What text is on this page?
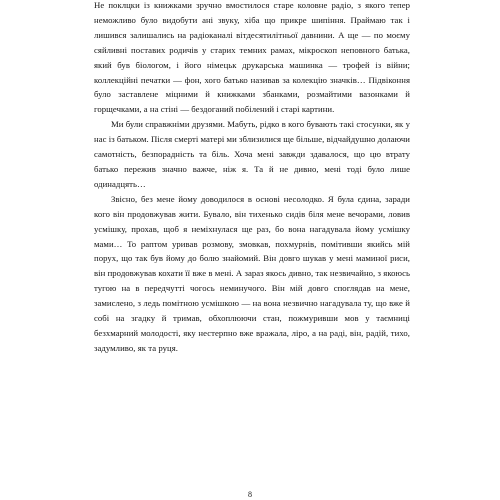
Не поклцки із книжками зручно вмостилося старе коловне радіо, з якого тепер неможливо було видобути ані звуку, хіба що прикре шипіння. Праймаю так і лишився залишались на радіоканалі вітдесятилітньої давнини. А ще — по моєму сяйливні поставих родичів у старих темних рамах, мікроскоп неповного батька, який був біологом, і його німецьк друкарська машинка — трофей із війни; коллекційні печатки — фон, хого батько називав за колекцію значків… Підвіконня було заставлене міцними й книжками збанками, розмайтими вазонками й горщечками, а на стіні — бездоганий побілений і старі картини.

Ми були справжніми друзями. Мабуть, рідко в кого бувають такі стосунки, як у нас із батьком. Після смерті матері ми зблизилися ще більше, відчайдушно долаючи самотність, безпорадність та біль. Хоча мені завжди здавалося, що цю втрату батько пережив значно важче, ніж я. Та й не дивно, мені тоді було лише одинадцять…

Звісно, без мене йому доводилося в основі несолодко. Я була єдина, заради кого він продовжував жити. Бувало, він тихенько сидів біля мене вечорами, ловив усмішку, прохав, щоб я неміхнулася ще раз, бо вона нагадувала йому усмішку мами… То раптом уривав розмову, змовкав, похмурнів, помітивши якийсь мій порух, що так був йому до болю знайомий. Він довго шукав у мені маминої риси, він продовжував кохати її вже в мені. А зараз якось дивно, так незвичайно, з якоюсь тугою на в передчутті чогось неминучого. Він мій довго споглядав на мене, замислено, з ледь помітною усмішкою — на вона незвично нагадувала ту, що вже й собі на згадку й тримав, обхоплюючи стан, пожмуривши мов у таємниці безхмарний молодості, яку нестерпно вже вражала, ліро, а на раді, він, радій, тихо, задумливо, як та руця.

8
